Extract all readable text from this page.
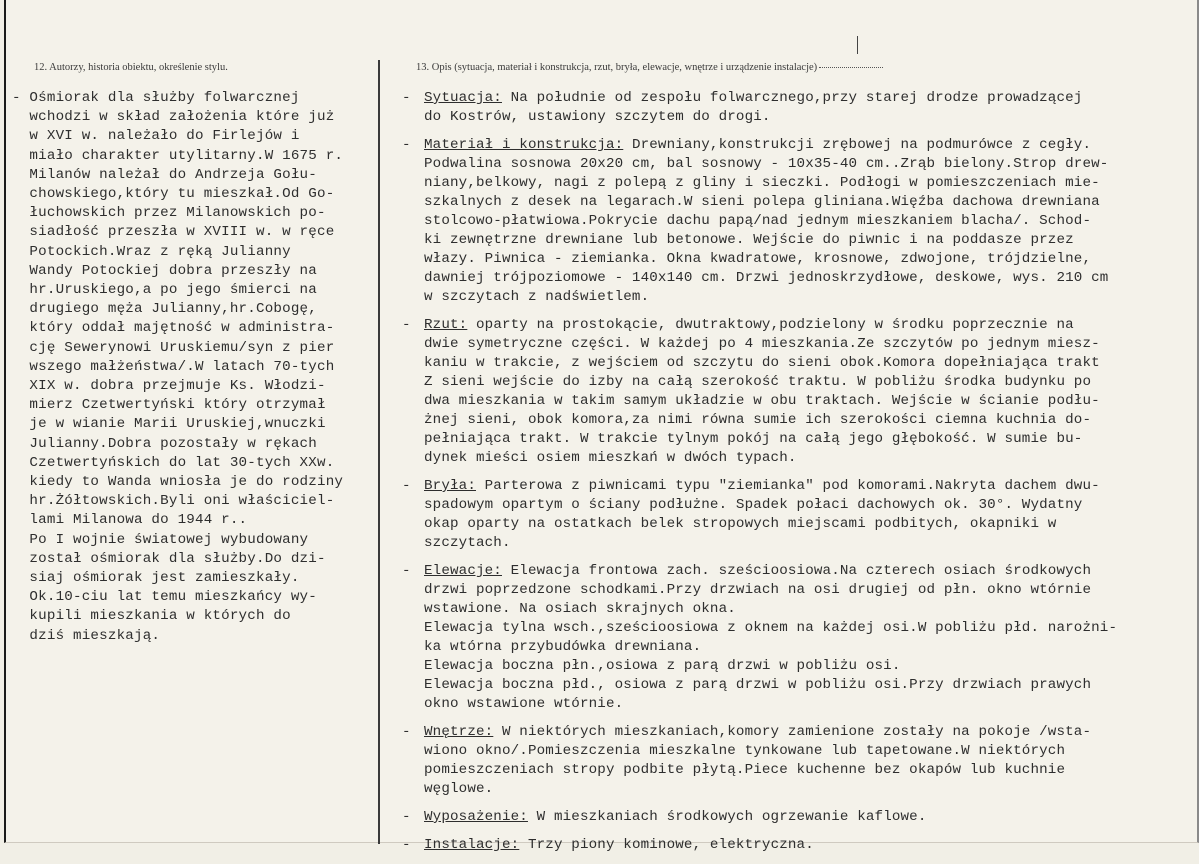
12. Autorzy, historia obiektu, określenie stylu.	13. Opis (sytuacja, materiał i konstrukcja, rzut, bryła, elewacje, wnętrze i urządzenie instalacje)

- Ośmiorak dla służby folwarcznej

wchodzi w skład założenia które już

w XVI w. należało do Firlejów i

miało charakter utylitarny.W 1675 r.

Milanów należał do Andrzeja Gołu-

chowskiego,który tu mieszkał.Od Go-

łuchowskich przez Milanowskich po-

siadłość przeszła w XVIII w. w ręce

Potockich.Wraz z ręką Julianny

Wandy Potockiej dobra przeszły na

hr.Uruskiego,a po jego śmierci na

drugiego męża Julianny,hr.Cobogę,

który oddał majętność w administra-

cję Sewerynowi Uruskiemu/syn z pier

wszego małżeństwa/.W latach 70-tych

XIX w. dobra przejmuje Ks. Włodzi-

mierz Czetwertyński który otrzymał

je w wianie Marii Uruskiej,wnuczki

Julianny.Dobra pozostały w rękach

Czetwertyńskich do lat 30-tych XXw.

kiedy to Wanda wniosła je do rodziny

hr.Żółtowskich.Byli oni właściciel-

lami Milanowa do 1944 r..

Po I wojnie światowej wybudowany

został ośmiorak dla służby.Do dzi-

siaj ośmiorak jest zamieszkały.

Ok.10-ciu lat temu mieszkańcy wy-

kupili mieszkania w których do

dziś mieszkają.

- Sytuacja: Na południe od zespołu folwarcznego,przy starej drodze prowadzącej

do Kostrów, ustawiony szczytem do drogi.

- Materiał i konstrukcja: Drewniany,konstrukcji zrębowej na podmurówce z cegły.

Podwalina sosnowa 20x20 cm, bal sosnowy - 10x35-40 cm..Zrąb bielony.Strop drew-

niany,belkowy, nagi z polepą z gliny i sieczki. Podłogi w pomieszczeniach mie-

szkalnych z desek na legarach.W sieni polepa gliniana.Więźba dachowa drewniana

stolcowo-płatwiowa.Pokrycie dachu papą/nad jednym mieszkaniem blacha/. Schod-

ki zewnętrzne drewniane lub betonowe. Wejście do piwnic i na poddasze przez

włazy. Piwnica - ziemianka. Okna kwadratowe, krosnowe, zdwojone, trójdzielne,

dawniej trójpoziomowe - 140x140 cm. Drzwi jednoskrzydłowe, deskowe, wys. 210 cm

w szczytach z nadświetlem.

- Rzut: oparty na prostokącie, dwutraktowy,podzielony w środku poprzecznie na

dwie symetryczne części. W każdej po 4 mieszkania.Ze szczytów po jednym miesz-

kaniu w trakcie, z wejściem od szczytu do sieni obok.Komora dopełniająca trakt

Z sieni wejście do izby na całą szerokość traktu. W pobliżu środka budynku po

dwa mieszkania w takim samym układzie w obu traktach. Wejście w ścianie podłu-

żnej sieni, obok komora,za nimi równa sumie ich szerokości ciemna kuchnia do-

pełniająca trakt. W trakcie tylnym pokój na całą jego głębokość. W sumie bu-

dynek mieści osiem mieszkań w dwóch typach.

- Bryła: Parterowa z piwnicami typu "ziemianka" pod komorami.Nakryta dachem dwu-

spadowym opartym o ściany podłużne. Spadek połaci dachowych ok. 30°. Wydatny

okap oparty na ostatkach belek stropowych miejscami podbitych, okapniki w

szczytach.

- Elewacje: Elewacja frontowa zach. sześcioosiowa.Na czterech osiach środkowych

drzwi poprzedzone schodkami.Przy drzwiach na osi drugiej od płn. okno wtórnie

wstawione. Na osiach skrajnych okna.

Elewacja tylna wsch.,sześcioosiowa z oknem na każdej osi.W pobliżu płd. narożni-

ka wtórna przybudówka drewniana.

Elewacja boczna płn.,osiowa z parą drzwi w pobliżu osi.

Elewacja boczna płd., osiowa z parą drzwi w pobliżu osi.Przy drzwiach prawych

okno wstawione wtórnie.

- Wnętrze: W niektórych mieszkaniach,komory zamienione zostały na pokoje /wsta-

wiono okno/.Pomieszczenia mieszkalne tynkowane lub tapetowane.W niektórych

pomieszczeniach stropy podbite płytą.Piece kuchenne bez okapów lub kuchnie

węglowe.

- Wyposażenie: W mieszkaniach środkowych ogrzewanie kaflowe.

- Instalacje: Trzy piony kominowe, elektryczna.
